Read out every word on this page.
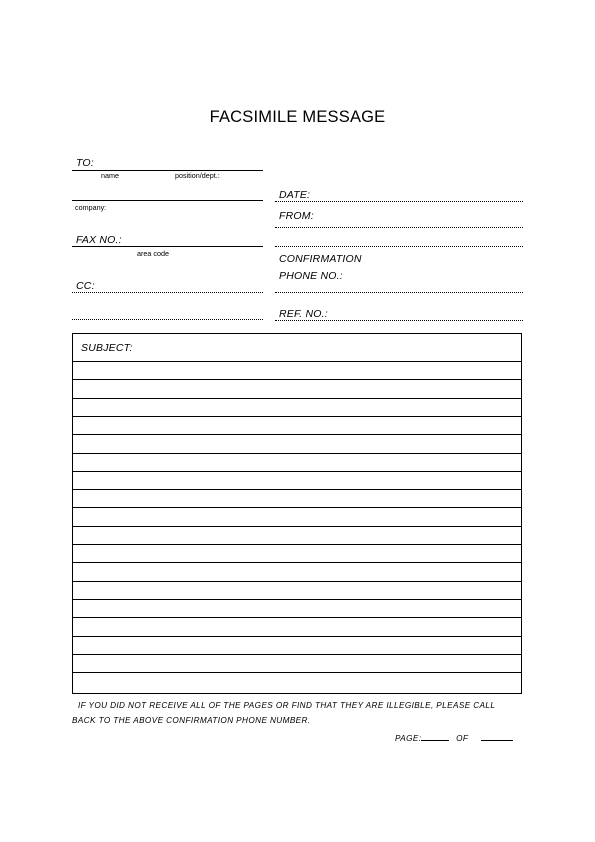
FACSIMILE MESSAGE
TO:
name	position/dept.:
company:
FAX NO.:
area code
CC:
DATE:
FROM:
CONFIRMATION
PHONE NO.:
REF. NO.:
SUBJECT:
IF YOU DID NOT RECEIVE ALL OF THE PAGES OR FIND THAT THEY ARE ILLEGIBLE, PLEASE CALL
BACK TO THE ABOVE CONFIRMATION PHONE NUMBER.
PAGE:	OF
